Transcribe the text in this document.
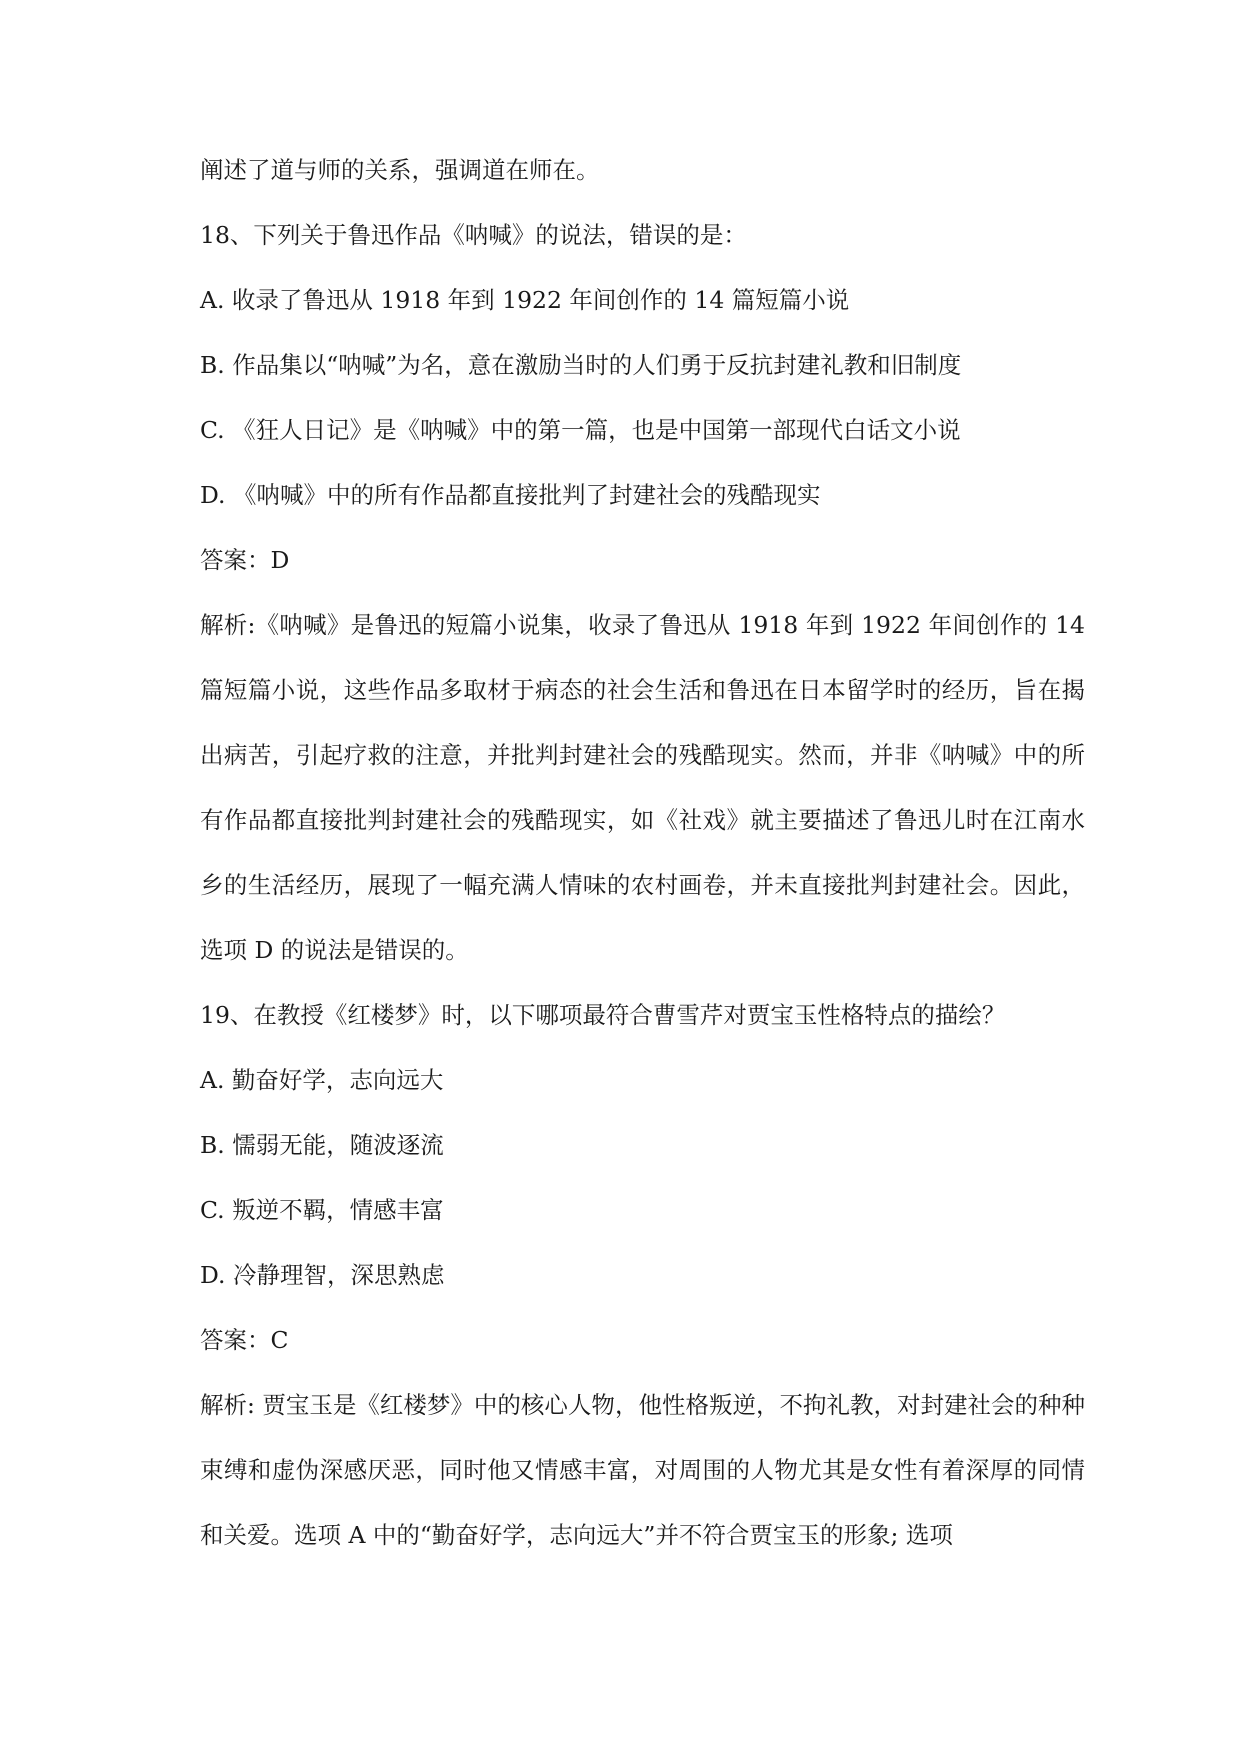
阐述了道与师的关系，强调道在师在。

18、下列关于鲁迅作品《呐喊》的说法，错误的是：

A. 收录了鲁迅从 1918 年到 1922 年间创作的 14 篇短篇小说

B. 作品集以“呐喊”为名，意在激励当时的人们勇于反抗封建礼教和旧制度

C. 《狂人日记》是《呐喊》中的第一篇，也是中国第一部现代白话文小说

D. 《呐喊》中的所有作品都直接批判了封建社会的残酷现实

答案：D

解析:《呐喊》是鲁迅的短篇小说集，收录了鲁迅从 1918 年到 1922 年间创作的 14 篇短篇小说，这些作品多取材于病态的社会生活和鲁迅在日本留学时的经历，旨在揭出病苦，引起疗救的注意，并批判封建社会的残酷现实。然而，并非《呐喊》中的所有作品都直接批判封建社会的残酷现实，如《社戏》就主要描述了鲁迅儿时在江南水乡的生活经历，展现了一幅充满人情味的农村画卷，并未直接批判封建社会。因此，选项 D 的说法是错误的。

19、在教授《红楼梦》时，以下哪项最符合曹雪芹对贾宝玉性格特点的描绘？

A. 勤奋好学，志向远大

B. 懦弱无能，随波逐流

C. 叛逆不羁，情感丰富

D. 冷静理智，深思熟虑

答案：C

解析: 贾宝玉是《红楼梦》中的核心人物，他性格叛逆，不拘礼教，对封建社会的种种束缚和虚伪深感厌恶，同时他又情感丰富，对周围的人物尤其是女性有着深厚的同情和关爱。选项 A 中的“勤奋好学，志向远大”并不符合贾宝玉的形象; 选项
